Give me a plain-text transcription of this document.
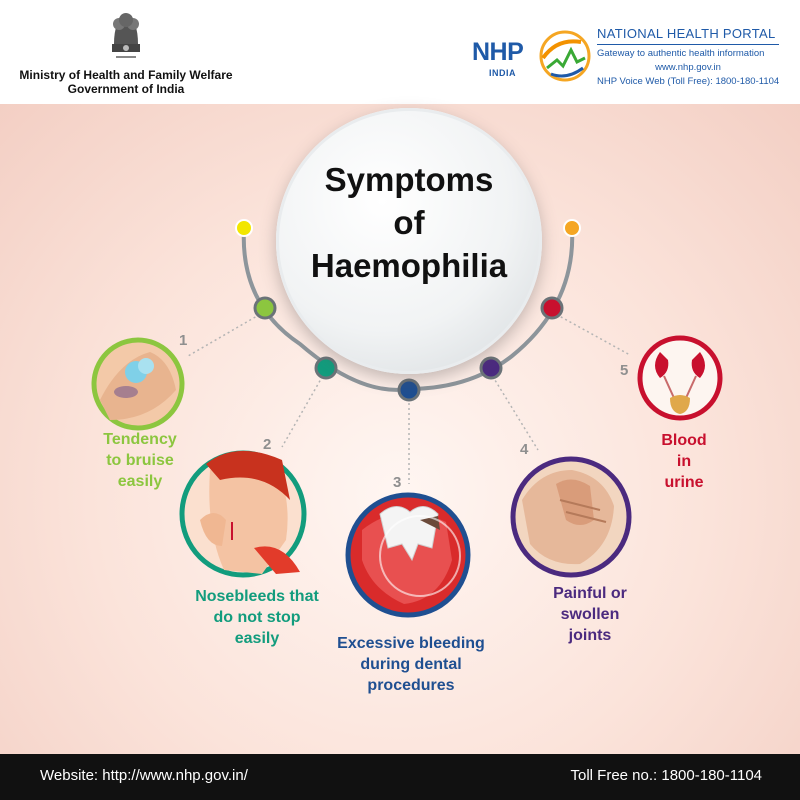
Ministry of Health and Family Welfare
Government of India
NHP
INDIA
NATIONAL HEALTH PORTAL
Gateway to authentic health information
www.nhp.gov.in
NHP Voice Web (Toll Free): 1800-180-1104
Symptoms
of
Haemophilia
1
2
3
4
5
Tendency
to bruise
easily
Nosebleeds that
do not stop
easily	Excessive bleeding
during dental
procedures
Painful or
swollen
joints
Blood
in
urine
Website: http://www.nhp.gov.in/	Toll Free no.: 1800-180-1104
